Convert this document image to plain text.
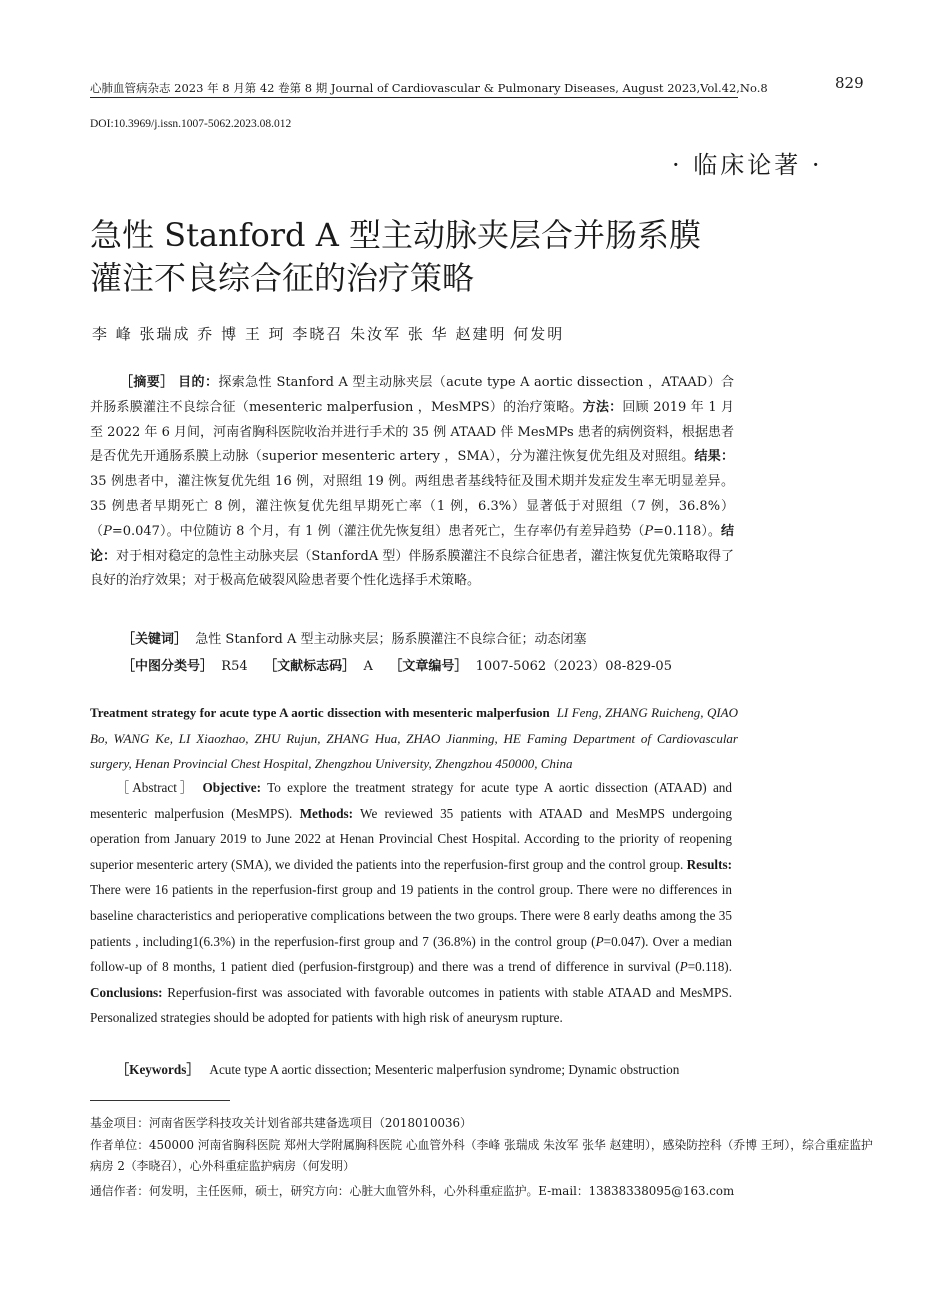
心肺血管病杂志 2023 年 8 月第 42 卷第 8 期 Journal of Cardiovascular & Pulmonary Diseases, August 2023,Vol.42,No.8	829
DOI:10.3969/j.issn.1007-5062.2023.08.012
· 临床论著 ·
急性 Stanford A 型主动脉夹层合并肠系膜
灌注不良综合征的治疗策略
李 峰 张瑞成 乔 博 王 珂 李晓召 朱汝军 张 华 赵建明 何发明
［摘要］ 目的：探索急性 Stanford A 型主动脉夹层（acute type A aortic dissection ，ATAAD）合并肠系膜灌注不良综合征（mesenteric malperfusion ，MesMPS）的治疗策略。方法：回顾 2019 年 1 月至 2022 年 6 月间，河南省胸科医院收治并进行手术的 35 例 ATAAD 伴 MesMPs 患者的病例资料，根据患者是否优先开通肠系膜上动脉（superior mesenteric artery ，SMA），分为灌注恢复优先组及对照组。结果：35 例患者中，灌注恢复优先组 16 例，对照组 19 例。两组患者基线特征及围术期并发症发生率无明显差异。35 例患者早期死亡 8 例，灌注恢复优先组早期死亡率（1 例，6.3%）显著低于对照组（7 例，36.8%）（P=0.047）。中位随访 8 个月，有 1 例（灌注优先恢复组）患者死亡，生存率仍有差异趋势（P=0.118）。结论：对于相对稳定的急性主动脉夹层（StanfordA 型）伴肠系膜灌注不良综合征患者，灌注恢复优先策略取得了良好的治疗效果；对于极高危破裂风险患者要个性化选择手术策略。
［关键词］ 急性 Stanford A 型主动脉夹层；肠系膜灌注不良综合征；动态闭塞
［中图分类号］ R54 ［文献标志码］ A ［文章编号］ 1007-5062（2023）08-829-05
Treatment strategy for acute type A aortic dissection with mesenteric malperfusion LI Feng, ZHANG Ruicheng, QIAO Bo, WANG Ke, LI Xiaozhao, ZHU Rujun, ZHANG Hua, ZHAO Jianming, HE Faming Department of Cardiovascular surgery, Henan Provincial Chest Hospital, Zhengzhou University, Zhengzhou 450000, China
［Abstract］ Objective: To explore the treatment strategy for acute type A aortic dissection (ATAAD) and mesenteric malperfusion (MesMPS). Methods: We reviewed 35 patients with ATAAD and MesMPS undergoing operation from January 2019 to June 2022 at Henan Provincial Chest Hospital. According to the priority of reopening superior mesenteric artery (SMA), we divided the patients into the reperfusion-first group and the control group. Results: There were 16 patients in the reperfusion-first group and 19 patients in the control group. There were no differences in baseline characteristics and perioperative complications between the two groups. There were 8 early deaths among the 35 patients , including1(6.3%) in the reperfusion-first group and 7 (36.8%) in the control group (P=0.047). Over a median follow-up of 8 months, 1 patient died (perfusion-firstgroup) and there was a trend of difference in survival (P=0.118). Conclusions: Reperfusion-first was associated with favorable outcomes in patients with stable ATAAD and MesMPS. Personalized strategies should be adopted for patients with high risk of aneurysm rupture.
［Keywords］ Acute type A aortic dissection; Mesenteric malperfusion syndrome; Dynamic obstruction
基金项目：河南省医学科技攻关计划省部共建备选项目（2018010036）
作者单位：450000 河南省胸科医院 郑州大学附属胸科医院 心血管外科（李峰 张瑞成 朱汝军 张华 赵建明），感染防控科（乔博 王珂），综合重症监护病房 2（李晓召），心外科重症监护病房（何发明）
通信作者：何发明，主任医师，硕士，研究方向：心脏大血管外科，心外科重症监护。E-mail：13838338095@163.com
